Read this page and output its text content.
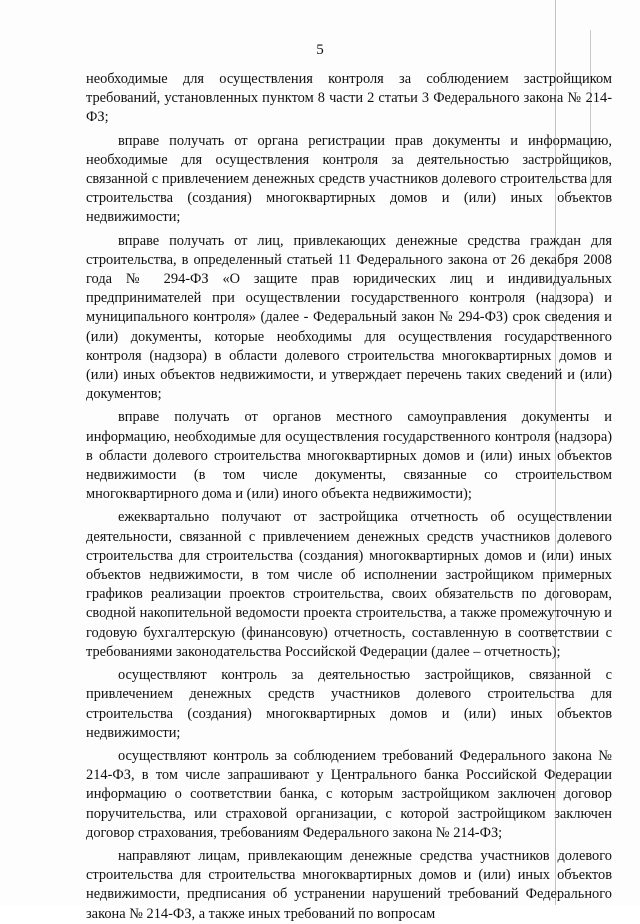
5

необходимые для осуществления контроля за соблюдением застройщиком требований, установленных пунктом 8 части 2 статьи 3 Федерального закона № 214-ФЗ;

вправе получать от органа регистрации прав документы и информацию, необходимые для осуществления контроля за деятельностью застройщиков, связанной с привлечением денежных средств участников долевого строительства для строительства (создания) многоквартирных домов и (или) иных объектов недвижимости;

вправе получать от лиц, привлекающих денежные средства граждан для строительства, в определенный статьей 11 Федерального закона от 26 декабря 2008 года № 294-ФЗ «О защите прав юридических лиц и индивидуальных предпринимателей при осуществлении государственного контроля (надзора) и муниципального контроля» (далее - Федеральный закон № 294-ФЗ) срок сведения и (или) документы, которые необходимы для осуществления государственного контроля (надзора) в области долевого строительства многоквартирных домов и (или) иных объектов недвижимости, и утверждает перечень таких сведений и (или) документов;

вправе получать от органов местного самоуправления документы и информацию, необходимые для осуществления государственного контроля (надзора) в области долевого строительства многоквартирных домов и (или) иных объектов недвижимости (в том числе документы, связанные со строительством многоквартирного дома и (или) иного объекта недвижимости);

ежеквартально получают от застройщика отчетность об осуществлении деятельности, связанной с привлечением денежных средств участников долевого строительства для строительства (создания) многоквартирных домов и (или) иных объектов недвижимости, в том числе об исполнении застройщиком примерных графиков реализации проектов строительства, своих обязательств по договорам, сводной накопительной ведомости проекта строительства, а также промежуточную и годовую бухгалтерскую (финансовую) отчетность, составленную в соответствии с требованиями законодательства Российской Федерации (далее – отчетность);

осуществляют контроль за деятельностью застройщиков, связанной с привлечением денежных средств участников долевого строительства для строительства (создания) многоквартирных домов и (или) иных объектов недвижимости;

осуществляют контроль за соблюдением требований Федерального закона № 214-ФЗ, в том числе запрашивают у Центрального банка Российской Федерации информацию о соответствии банка, с которым застройщиком заключен договор поручительства, или страховой организации, с которой застройщиком заключен договор страхования, требованиям Федерального закона № 214-ФЗ;

направляют лицам, привлекающим денежные средства участников долевого строительства для строительства многоквартирных домов и (или) иных объектов недвижимости, предписания об устранении нарушений требований Федерального закона № 214-ФЗ, а также иных требований по вопросам
